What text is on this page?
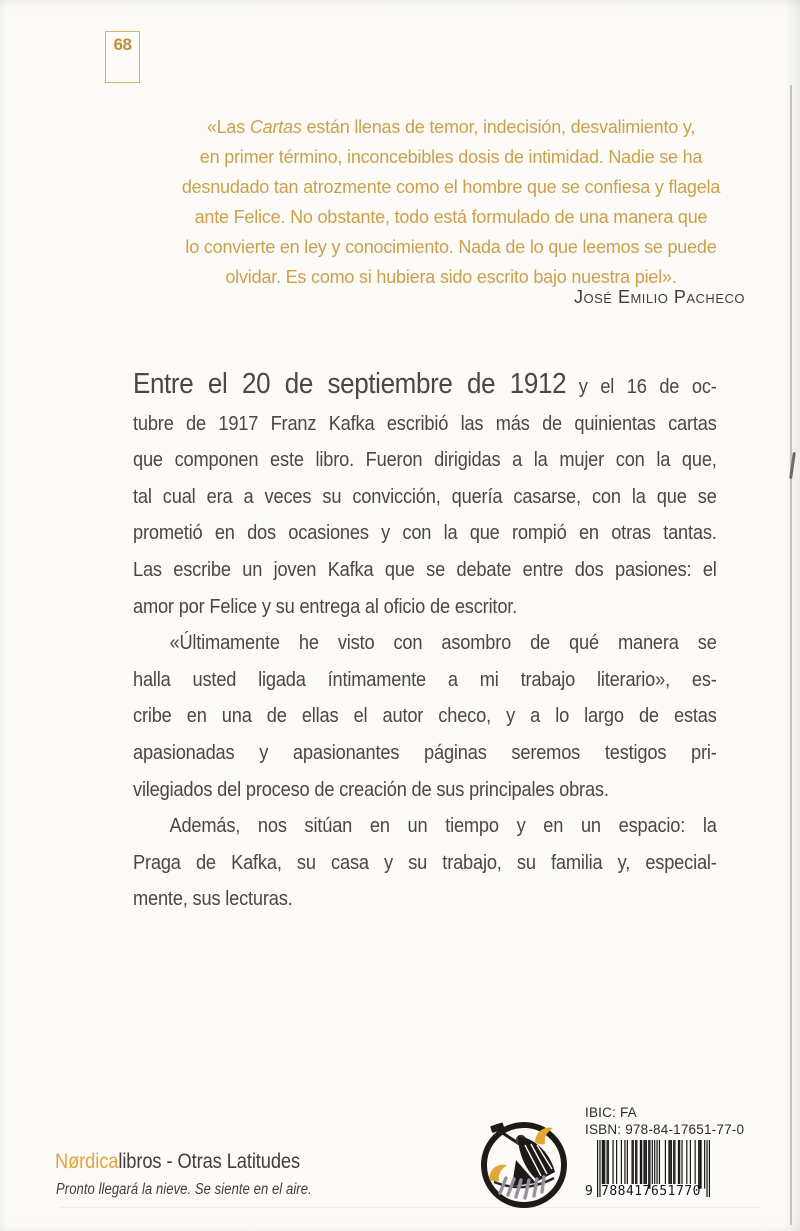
68
«Las Cartas están llenas de temor, indecisión, desvalimiento y,
en primer término, inconcebibles dosis de intimidad. Nadie se ha
desnudado tan atrozmente como el hombre que se confiesa y flagela
ante Felice. No obstante, todo está formulado de una manera que
lo convierte en ley y conocimiento. Nada de lo que leemos se puede
olvidar. Es como si hubiera sido escrito bajo nuestra piel».
José Emilio Pacheco
Entre el 20 de septiembre de 1912 y el 16 de oc-
tubre de 1917 Franz Kafka escribió las más de quinientas cartas
que componen este libro. Fueron dirigidas a la mujer con la que,
tal cual era a veces su convicción, quería casarse, con la que se
prometió en dos ocasiones y con la que rompió en otras tantas.
Las escribe un joven Kafka que se debate entre dos pasiones: el
amor por Felice y su entrega al oficio de escritor.
«Últimamente he visto con asombro de qué manera se
halla usted ligada íntimamente a mi trabajo literario», es-
cribe en una de ellas el autor checo, y a lo largo de estas
apasionadas y apasionantes páginas seremos testigos pri-
vilegiados del proceso de creación de sus principales obras.
Además, nos sitúan en un tiempo y en un espacio: la
Praga de Kafka, su casa y su trabajo, su familia y, especial-
mente, sus lecturas.
Nørdicalibros - Otras Latitudes
Pronto llegará la nieve. Se siente en el aire.
IBIC: FA
ISBN: 978-84-17651-77-0
9 788417 651770
